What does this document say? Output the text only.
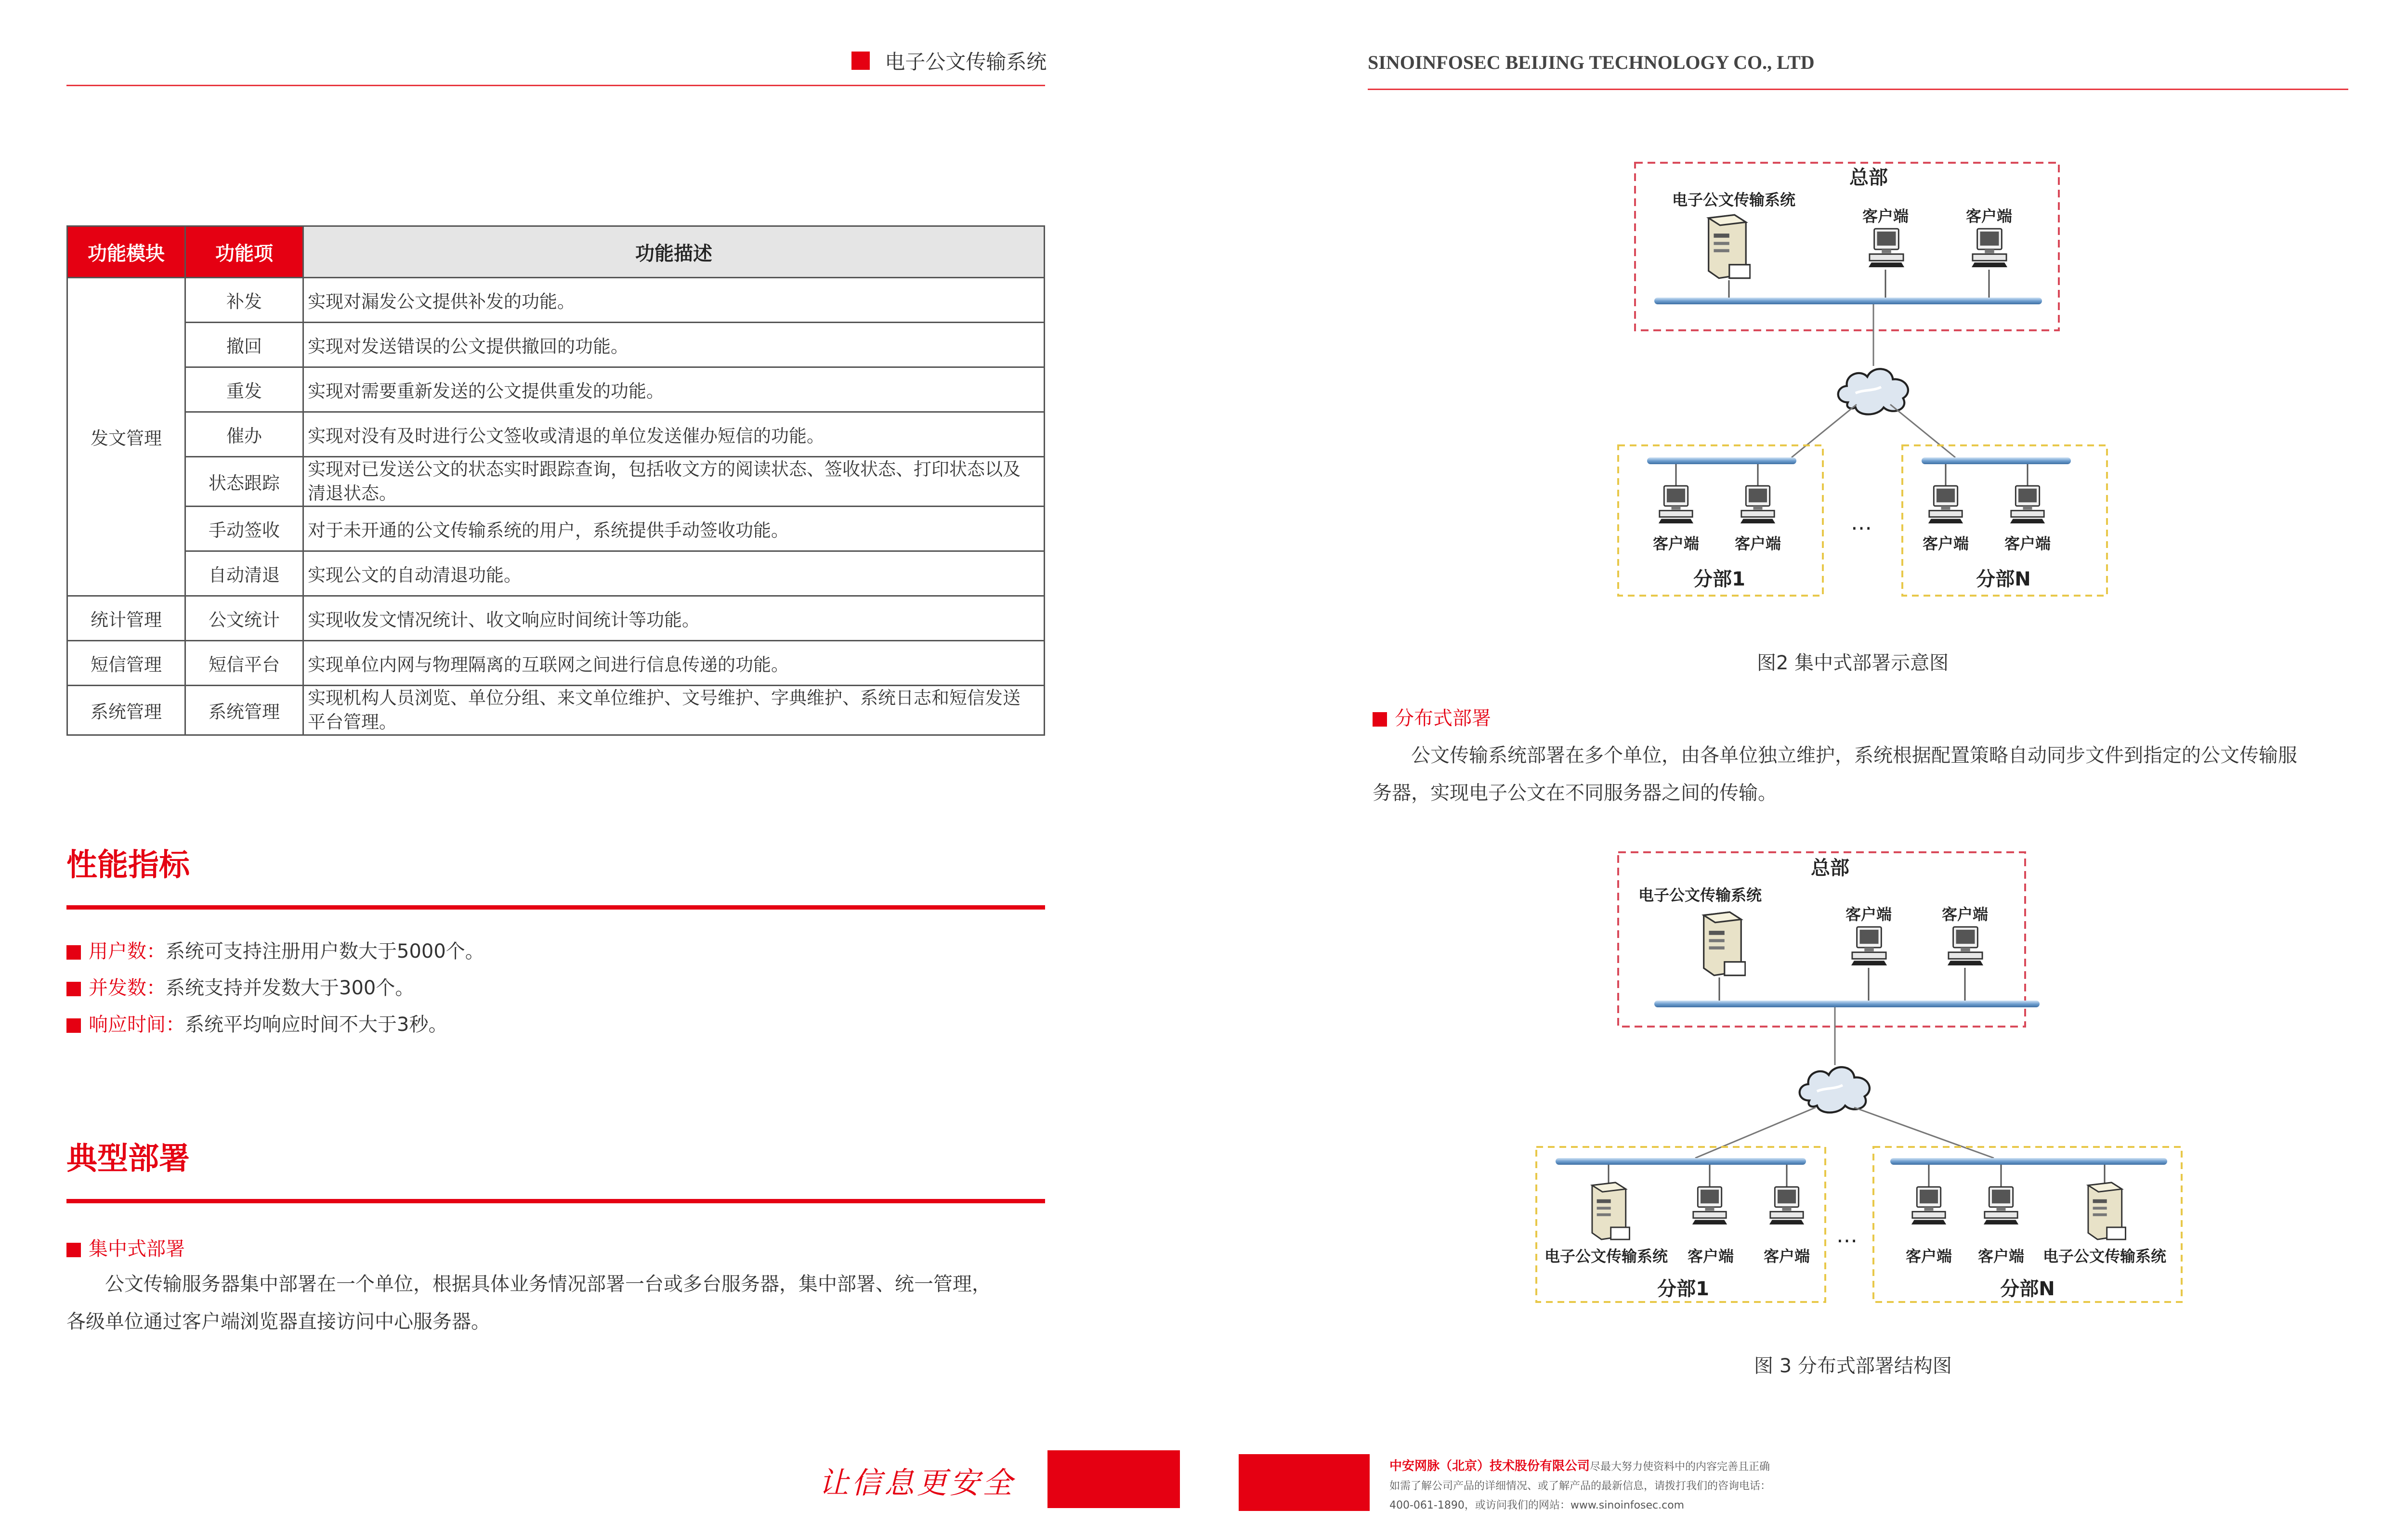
电子公文传输系统
功能模块	功能项	功能描述
发文管理	补发	实现对漏发公文提供补发的功能。
	撤回	实现对发送错误的公文提供撤回的功能。
	重发	实现对需要重新发送的公文提供重发的功能。
	催办	实现对没有及时进行公文签收或清退的单位发送催办短信的功能。
	状态跟踪	实现对已发送公文的状态实时跟踪查询，包括收文方的阅读状态、签收状态、打印状态以及
清退状态。
	手动签收	对于未开通的公文传输系统的用户，系统提供手动签收功能。
	自动清退	实现公文的自动清退功能。
统计管理	公文统计	实现收发文情况统计、收文响应时间统计等功能。
短信管理	短信平台	实现单位内网与物理隔离的互联网之间进行信息传递的功能。
系统管理	系统管理	实现机构人员浏览、单位分组、来文单位维护、文号维护、字典维护、系统日志和短信发送
平台管理。
性能指标
用户数：系统可支持注册用户数大于5000个。
并发数：系统支持并发数大于300个。
响应时间：系统平均响应时间不大于3秒。
典型部署
集中式部署
公文传输服务器集中部署在一个单位，根据具体业务情况部署一台或多台服务器，集中部署、统一管理，
各级单位通过客户端浏览器直接访问中心服务器。
SINOINFOSEC BEIJING TECHNOLOGY CO., LTD
总部
电子公文传输系统
客户端	客户端
客户端 客户端
分部1
…
客户端 客户端
分部N
图2 集中式部署示意图
分布式部署
公文传输系统部署在多个单位，由各单位独立维护，系统根据配置策略自动同步文件到指定的公文传输服
务器，实现电子公文在不同服务器之间的传输。
总部
电子公文传输系统
客户端	客户端
电子公文传输系统 客户端 客户端
分部1
…
客户端 客户端 电子公文传输系统
分部N
图 3 分布式部署结构图
让信息更安全	中安网脉（北京）技术股份有限公司尽最大努力使资料中的内容完善且正确
如需了解公司产品的详细情况、或了解产品的最新信息，请拨打我们的咨询电话：
400-061-1890，或访问我们的网站：www.sinoinfosec.com
